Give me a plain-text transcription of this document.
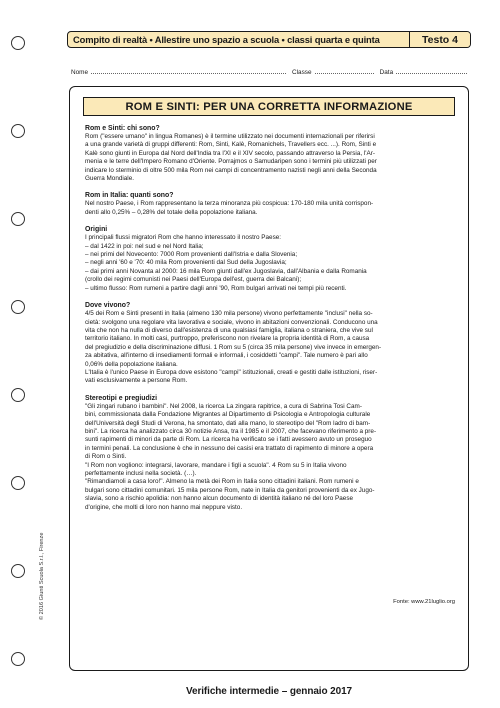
Compito di realtà • Allestire uno spazio a scuola • classi quarta e quinta	Testo 4
Nome	Classe	Data
ROM E SINTI: PER UNA CORRETTA INFORMAZIONE
Rom e Sinti: chi sono?

Rom ("essere umano" in lingua Romanes) è il termine utilizzato nei documenti internazionali per riferirsi

a una grande varietà di gruppi differenti: Rom, Sinti, Kalè, Romanichels, Travellers ecc. ...). Rom, Sinti e

Kalè sono giunti in Europa dal Nord dell'India tra l'XI e il XIV secolo, passando attraverso la Persia, l'Ar-

menia e le terre dell'Impero Romano d'Oriente. Porrajmos o Samudaripen sono i termini più utilizzati per

indicare lo sterminio di oltre 500 mila Rom nei campi di concentramento nazisti negli anni della Seconda

Guerra Mondiale.

Rom in Italia: quanti sono?

Nel nostro Paese, i Rom rappresentano la terza minoranza più cospicua: 170-180 mila unità corrispon-

denti allo 0,25% – 0,28% del totale della popolazione italiana.

Origini

I principali flussi migratori Rom che hanno interessato il nostro Paese:

– dal 1422 in poi: nel sud e nel Nord Italia;
– nei primi del Novecento: 7000 Rom provenienti dall'Istria e dalla Slovenia;
– negli anni '60 e '70: 40 mila Rom provenienti dal Sud della Jugoslavia;
– dai primi anni Novanta al 2000: 16 mila Rom giunti dall'ex Jugoslavia, dall'Albania e dalla Romania
(crollo dei regimi comunisti nei Paesi dell'Europa dell'est, guerra dei Balcani);
– ultimo flusso: Rom rumeni a partire dagli anni '90, Rom bulgari arrivati nei tempi più recenti.
Dove vivono?

4/5 dei Rom e Sinti presenti in Italia (almeno 130 mila persone) vivono perfettamente "inclusi" nella so-

cietà: svolgono una regolare vita lavorativa e sociale, vivono in abitazioni convenzionali. Conducono una

vita che non ha nulla di diverso dall'esistenza di una qualsiasi famiglia, italiana o straniera, che vive sul

territorio italiano. In molti casi, purtroppo, preferiscono non rivelare la propria identità di Rom, a causa

del pregiudizio e della discriminazione diffusi. 1 Rom su 5 (circa 35 mila persone) vive invece in emergen-

za abitativa, all'interno di insediamenti formali e informali, i cosiddetti "campi". Tale numero è pari allo

0,06% della popolazione italiana.

L'Italia è l'unico Paese in Europa dove esistono "campi" istituzionali, creati e gestiti dalle istituzioni, riser-

vati esclusivamente a persone Rom.

Stereotipi e pregiudizi

"Gli zingari rubano i bambini". Nel 2008, la ricerca La zingara rapitrice, a cura di Sabrina Tosi Cam-

bini, commissionata dalla Fondazione Migrantes al Dipartimento di Psicologia e Antropologia culturale

dell'Università degli Studi di Verona, ha smontato, dati alla mano, lo stereotipo del "Rom ladro di bam-

bini". La ricerca ha analizzato circa 30 notizie Ansa, tra il 1985 e il 2007, che facevano riferimento a pre-

sunti rapimenti di minori da parte di Rom. La ricerca ha verificato se i fatti avessero avuto un proseguo

in termini penali. La conclusione è che in nessuno dei casisi era trattato di rapimento di minore a opera

di Rom o Sinti.

"I Rom non vogliono: integrarsi, lavorare, mandare i figli a scuola". 4 Rom su 5 in Italia vivono

perfettamente inclusi nella società. (…).

"Rimandiamoli a casa loro!". Almeno la metà dei Rom in Italia sono cittadini italiani. Rom rumeni e

bulgari sono cittadini comunitari. 15 mila persone Rom, nate in Italia da genitori provenienti da ex Jugo-

slavia, sono a rischio apolidia: non hanno alcun documento di identità italiano né del loro Paese

d'origine, che molti di loro non hanno mai neppure visto.

Fonte: www.21luglio.org
© 2016 Giunti Scuola S.r.l., Firenze
Verifiche intermedie – gennaio 2017
